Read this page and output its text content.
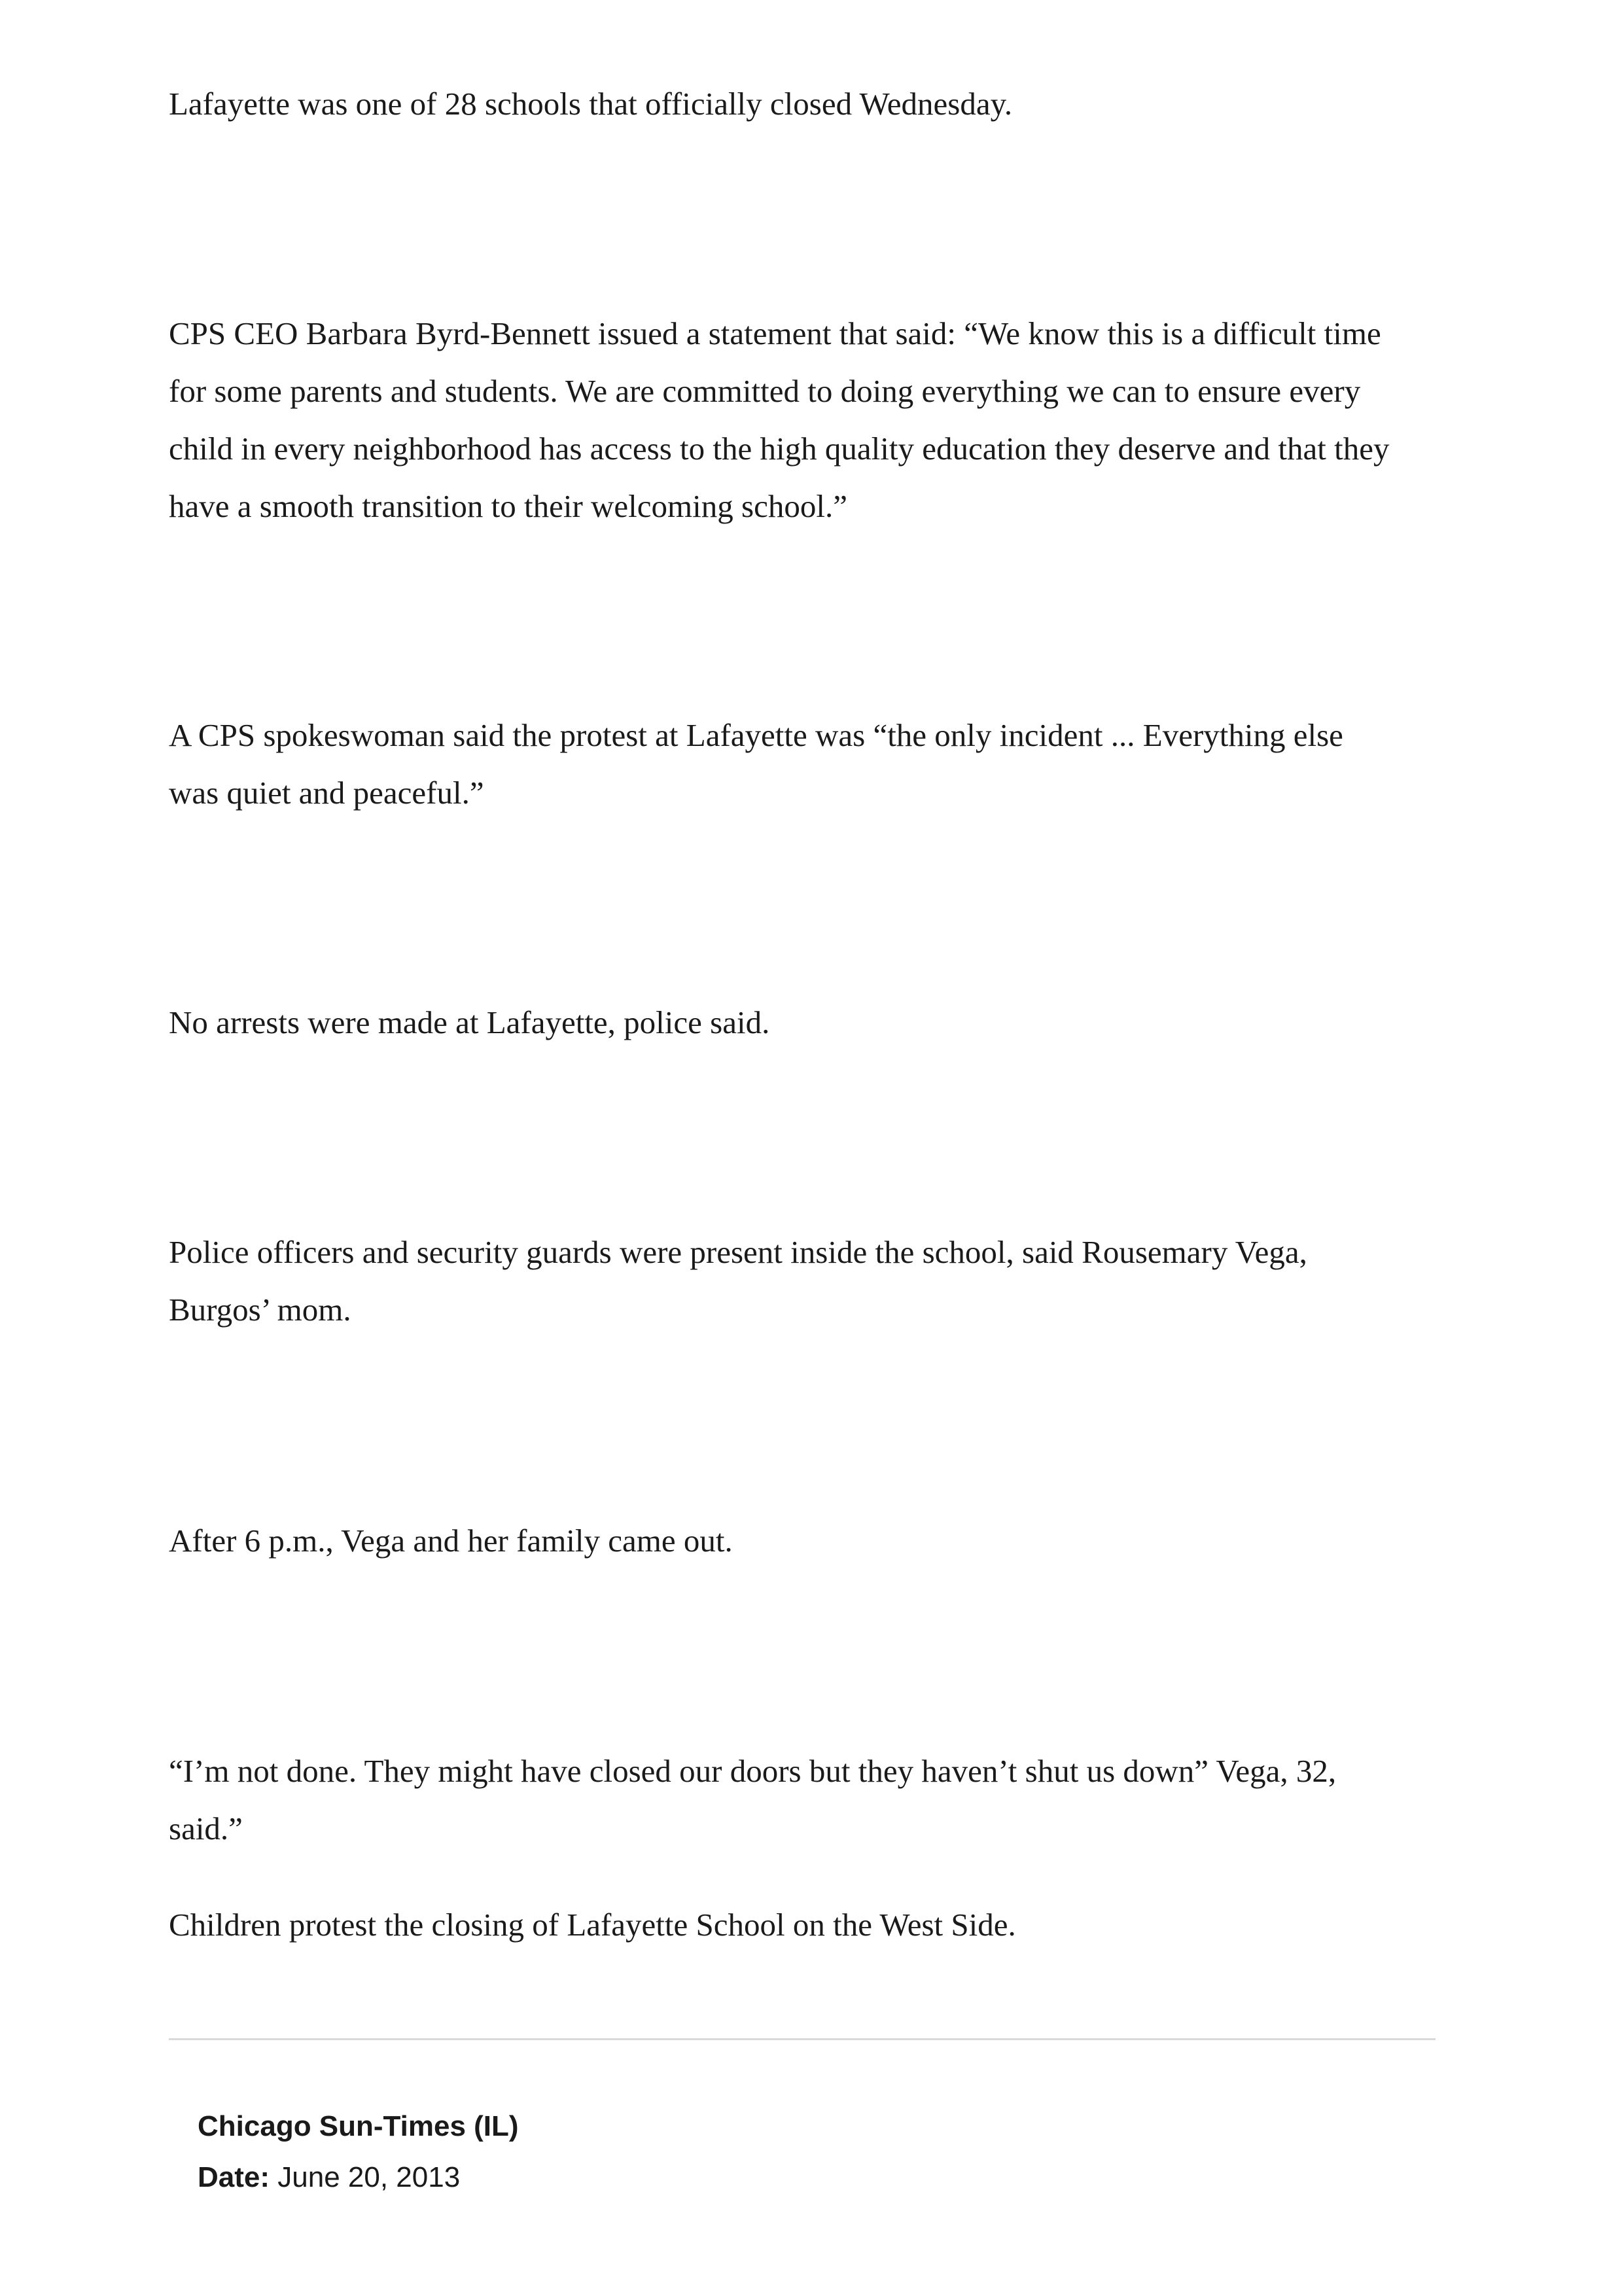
Lafayette was one of 28 schools that officially closed Wednesday.

CPS CEO Barbara Byrd-Bennett issued a statement that said: “We know this is a difficult time
for some parents and students. We are committed to doing everything we can to ensure every
child in every neighborhood has access to the high quality education they deserve and that they
have a smooth transition to their welcoming school.”

A CPS spokeswoman said the protest at Lafayette was “the only incident ... Everything else
was quiet and peaceful.”

No arrests were made at Lafayette, police said.

Police officers and security guards were present inside the school, said Rousemary Vega,
Burgos’ mom.

After 6 p.m., Vega and her family came out.

“I’m not done. They might have closed our doors but they haven’t shut us down” Vega, 32,
said.”

Children protest the closing of Lafayette School on the West Side.

Chicago Sun-Times (IL)
Date: June 20, 2013
